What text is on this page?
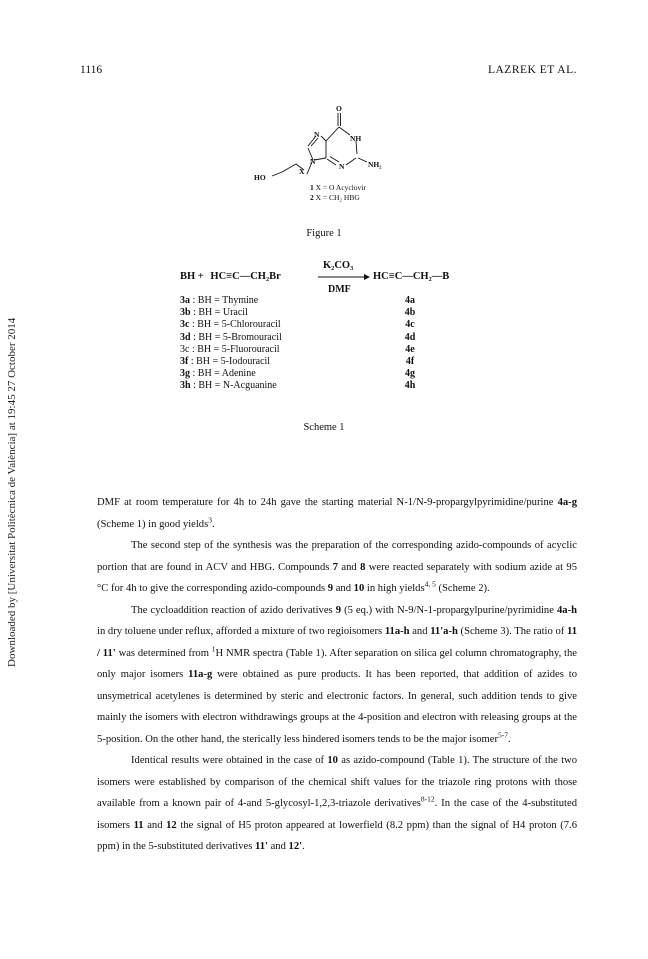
1116	LAZREK ET AL.
Downloaded by [Universitat Politècnica de València] at 19:45 27 October 2014
O
NH
N
N
N	NH₂
X
HO
1 X = O Acyclovir
2 X = CH₂ HBG
Figure 1
BH + HC≡C—CH₂Br
K₂CO₃
DMF
HC≡C—CH₂—B
3a : BH = Thymine
3b : BH = Uracil
3c : BH = 5-Chlorouracil
3d : BH = 5-Bromouracil
3c : BH = 5-Fluorouracil
3f : BH = 5-Iodouracil
3g : BH = Adenine
3h : BH = N-Acguanine
4a
4b
4c
4d
4e
4f
4g
4h
Scheme 1

DMF at room temperature for 4h to 24h gave the starting material N-1/N-9-propargylpyrimidine/purine 4a-g (Scheme 1) in good yields$^3$.

The second step of the synthesis was the preparation of the corresponding azido-compounds of acyclic portion that are found in ACV and HBG. Compounds 7 and 8 were reacted separately with sodium azide at 95 °C for 4h to give the corresponding azido-compounds 9 and 10 in high yields$^{4, 5}$ (Scheme 2).

The cycloaddition reaction of azido derivatives 9 (5 eq.) with N-9/N-1-propargylpurine/pyrimidine 4a-h in dry toluene under reflux, afforded a mixture of two regioisomers 11a-h and 11'a-h (Scheme 3). The ratio of 11 / 11' was determined from $^1$H NMR spectra (Table 1). After separation on silica gel column chromatography, the only major isomers 11a-g were obtained as pure products. It has been reported, that addition of azides to unsymetrical acetylenes is determined by steric and electronic factors. In general, such addition tends to give mainly the isomers with electron withdrawings groups at the 4-position and electron with releasing groups at the 5-position. On the other hand, the sterically less hindered isomers tends to be the major isomer$^{5-7}$.

Identical results were obtained in the case of 10 as azido-compound (Table 1). The structure of the two isomers were established by comparison of the chemical shift values for the triazole ring protons with those available from a known pair of 4-and 5-glycosyl-1,2,3-triazole derivatives$^{8-12}$. In the case of the 4-substituted isomers 11 and 12 the signal of H5 proton appeared at lowerfield (8.2 ppm) than the signal of H4 proton (7.6 ppm) in the 5-substituted derivatives 11' and 12'.
